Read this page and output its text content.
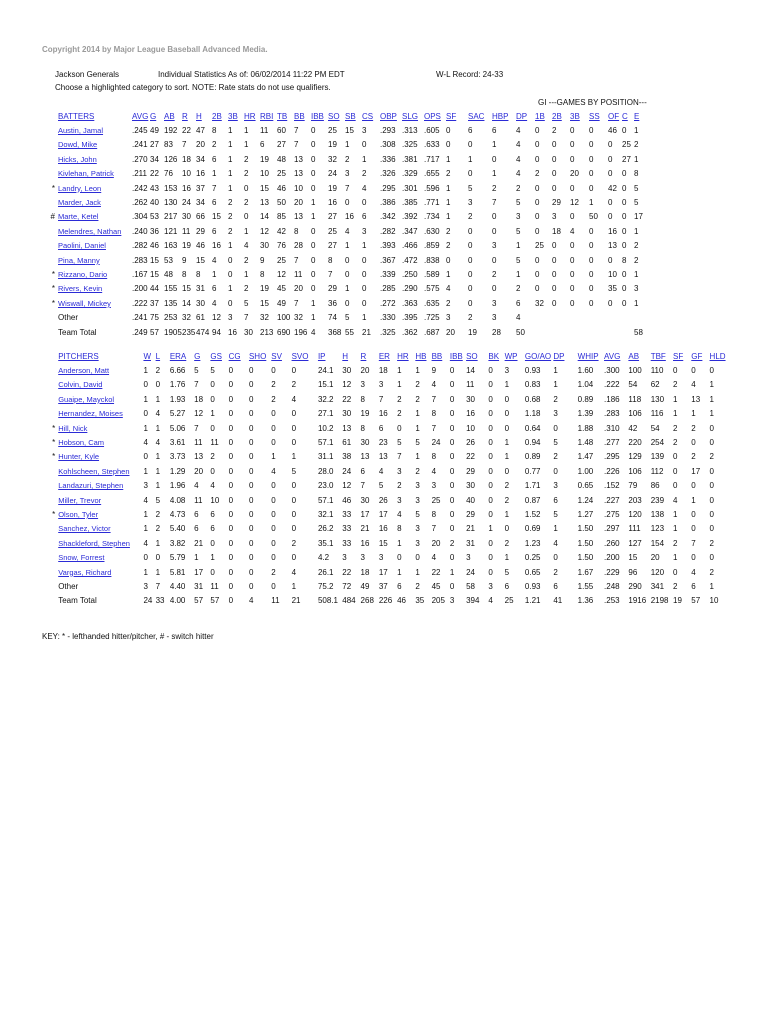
Copyright 2014 by Major League Baseball Advanced Media.
Jackson Generals	Individual Statistics As of: 06/02/2014 11:22 PM EDT	W-L Record: 24-33
Choose a highlighted category to sort. NOTE: Rate stats do not use qualifiers.
GI ---GAMES BY POSITION---
	BATTERS	AVG	G	AB	R	H	2B	3B	HR	RBI	TB	BB	IBB	SO	SB	CS	OBP	SLG	OPS	SF	SAC	HBP	DP	1B	2B	3B	SS	OF	C	E
	Austin, Jamal	.245	49	192	22	47	8	1	1	11	60	7	0	25	15	3	.293	.313	.605	0	6	6	4	0	2	0	0	46	0	1
	Dowd, Mike	.241	27	83	7	20	2	1	1	6	27	7	0	19	1	0	.308	.325	.633	0	0	1	4	0	0	0	0	0	25	2
	Hicks, John	.270	34	126	18	34	6	1	2	19	48	13	0	32	2	1	.336	.381	.717	1	1	0	4	0	0	0	0	0	27	1
	Kivlehan, Patrick	.211	22	76	10	16	1	1	2	10	25	13	0	24	3	2	.326	.329	.655	2	0	1	4	2	0	20	0	0	0	8
*	Landry, Leon	.242	43	153	16	37	7	1	0	15	46	10	0	19	7	4	.295	.301	.596	1	5	2	2	0	0	0	0	42	0	5
	Marder, Jack	.262	40	130	24	34	6	2	2	13	50	20	1	16	0	0	.386	.385	.771	1	3	7	5	0	29	12	1	0	0	5
#	Marte, Ketel	.304	53	217	30	66	15	2	0	14	85	13	1	27	16	6	.342	.392	.734	1	2	0	3	0	3	0	50	0	0	17
	Melendres, Nathan	.240	36	121	11	29	6	2	1	12	42	8	0	25	4	3	.282	.347	.630	2	0	0	5	0	18	4	0	16	0	1
	Paolini, Daniel	.282	46	163	19	46	16	1	4	30	76	28	0	27	1	1	.393	.466	.859	2	0	3	1	25	0	0	0	13	0	2
	Pina, Manny	.283	15	53	9	15	4	0	2	9	25	7	0	8	0	0	.367	.472	.838	0	0	0	5	0	0	0	0	0	8	2
*	Rizzano, Dario	.167	15	48	8	8	1	0	1	8	12	11	0	7	0	0	.339	.250	.589	1	0	2	1	0	0	0	0	10	0	1
*	Rivers, Kevin	.200	44	155	15	31	6	1	2	19	45	20	0	29	1	0	.285	.290	.575	4	0	0	2	0	0	0	0	35	0	3
*	Wiswall, Mickey	.222	37	135	14	30	4	0	5	15	49	7	1	36	0	0	.272	.363	.635	2	0	3	6	32	0	0	0	0	0	1
	Other	.241	75	253	32	61	12	3	7	32	100	32	1	74	5	1	.330	.395	.725	3	2	3	4							
	Team Total	.249	57	1905	235	474	94	16	30	213	690	196	4	368	55	21	.325	.362	.687	20	19	28	50							58
	PITCHERS	W	L	ERA	G	GS	CG	SHO	SV	SVO	IP	H	R	ER	HR	HB	BB	IBB	SO	BK	WP	GO/AO	DP	WHIP	AVG	AB	TBF	SF	GF	HLD
	Anderson, Matt	1	2	6.66	5	5	0	0	0	0	24.1	30	20	18	1	1	9	0	14	0	3	0.93	1	1.60	.300	100	110	0	0	0
	Colvin, David	0	0	1.76	7	0	0	0	2	2	15.1	12	3	3	1	2	4	0	11	0	1	0.83	1	1.04	.222	54	62	2	4	1
	Guaipe, Mayckol	1	1	1.93	18	0	0	0	2	4	32.2	22	8	7	2	2	7	0	30	0	0	0.68	2	0.89	.186	118	130	1	13	1
	Hernandez, Moises	0	4	5.27	12	1	0	0	0	0	27.1	30	19	16	2	1	8	0	16	0	0	1.18	3	1.39	.283	106	116	1	1	1
*	Hill, Nick	1	1	5.06	7	0	0	0	0	0	10.2	13	8	6	0	1	7	0	10	0	0	0.64	0	1.88	.310	42	54	2	2	0
*	Hobson, Cam	4	4	3.61	11	11	0	0	0	0	57.1	61	30	23	5	5	24	0	26	0	1	0.94	5	1.48	.277	220	254	2	0	0
*	Hunter, Kyle	0	1	3.73	13	2	0	0	1	1	31.1	38	13	13	7	1	8	0	22	0	1	0.89	2	1.47	.295	129	139	0	2	2
	Kohlscheen, Stephen	1	1	1.29	20	0	0	0	4	5	28.0	24	6	4	3	2	4	0	29	0	0	0.77	0	1.00	.226	106	112	0	17	0
	Landazuri, Stephen	3	1	1.96	4	4	0	0	0	0	23.0	12	7	5	2	3	3	0	30	0	2	1.71	3	0.65	.152	79	86	0	0	0
	Miller, Trevor	4	5	4.08	11	10	0	0	0	0	57.1	46	30	26	3	3	25	0	40	0	2	0.87	6	1.24	.227	203	239	4	1	0
*	Olson, Tyler	1	2	4.73	6	6	0	0	0	0	32.1	33	17	17	4	5	8	0	29	0	1	1.52	5	1.27	.275	120	138	1	0	0
	Sanchez, Victor	1	2	5.40	6	6	0	0	0	0	26.2	33	21	16	8	3	7	0	21	1	0	0.69	1	1.50	.297	111	123	1	0	0
	Shackleford, Stephen	4	1	3.82	21	0	0	0	0	2	35.1	33	16	15	1	3	20	2	31	0	2	1.23	4	1.50	.260	127	154	2	7	2
	Snow, Forrest	0	0	5.79	1	1	0	0	0	0	4.2	3	3	3	0	0	4	0	3	0	1	0.25	0	1.50	.200	15	20	1	0	0
	Vargas, Richard	1	1	5.81	17	0	0	0	2	4	26.1	22	18	17	1	1	22	1	24	0	5	0.65	2	1.67	.229	96	120	0	4	2
	Other	3	7	4.40	31	11	0	0	0	1	75.2	72	49	37	6	2	45	0	58	3	6	0.93	6	1.55	.248	290	341	2	6	1
	Team Total	24	33	4.00	57	57	0	4	11	21	508.1	484	268	226	46	35	205	3	394	4	25	1.21	41	1.36	.253	1916	2198	19	57	10
KEY: * - lefthanded hitter/pitcher, # - switch hitter
